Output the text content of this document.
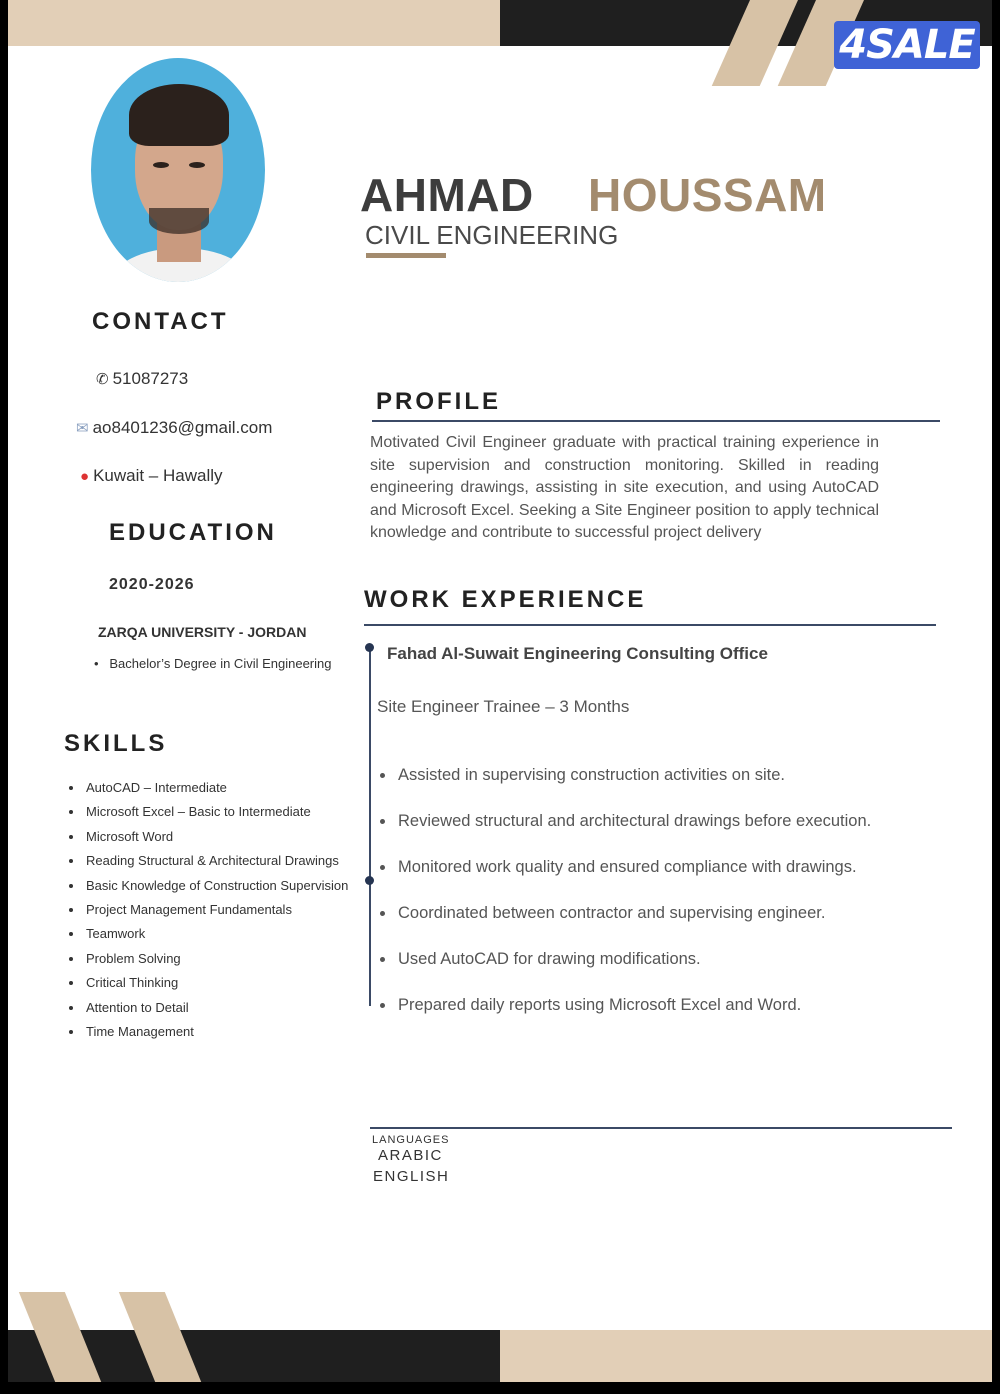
4SALE
AHMAD HOUSSAM
CIVIL ENGINEERING
CONTACT
✆ 51087273
✉ ao8401236@gmail.com
● Kuwait – Hawally
EDUCATION
2020-2026
ZARQA UNIVERSITY - JORDAN
•   Bachelor’s Degree in Civil Engineering
SKILLS
• AutoCAD – Intermediate
• Microsoft Excel – Basic to Intermediate
• Microsoft Word
• Reading Structural & Architectural Drawings
• Basic Knowledge of Construction Supervision
• Project Management Fundamentals
• Teamwork
• Problem Solving
• Critical Thinking
• Attention to Detail
• Time Management
PROFILE
Motivated Civil Engineer graduate with practical training experience in site supervision and construction monitoring. Skilled in reading engineering drawings, assisting in site execution, and using AutoCAD and Microsoft Excel. Seeking a Site Engineer position to apply technical knowledge and contribute to successful project delivery
WORK EXPERIENCE
Fahad Al-Suwait Engineering Consulting Office
Site Engineer Trainee – 3 Months
• Assisted in supervising construction activities on site.
• Reviewed structural and architectural drawings before execution.
• Monitored work quality and ensured compliance with drawings.
• Coordinated between contractor and supervising engineer.
• Used AutoCAD for drawing modifications.
• Prepared daily reports using Microsoft Excel and Word.
LANGUAGES
ARABIC
ENGLISH
